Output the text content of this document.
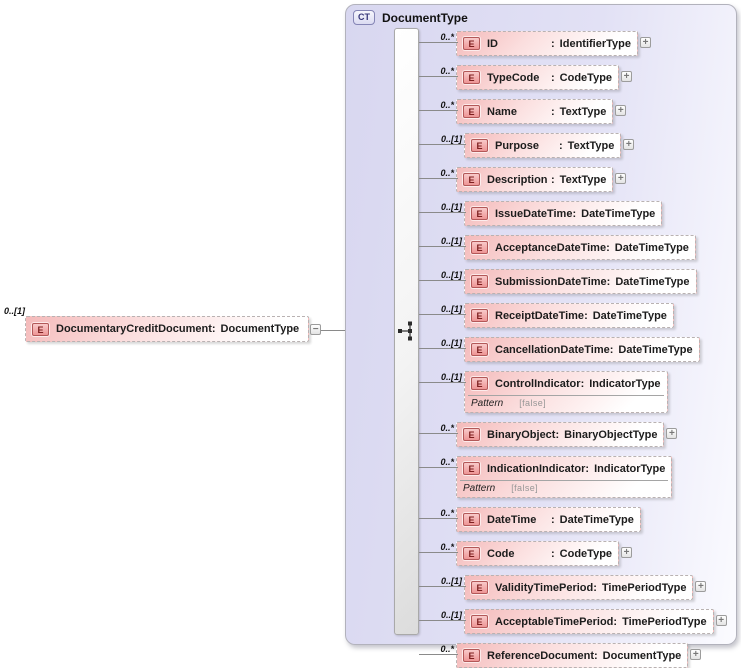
0..[1]
E	DocumentaryCreditDocument : DocumentType −
CT	DocumentType
0..*
E	ID	: IdentifierType +
0..*
E	TypeCode	: CodeType +
0..*
E	Name	: TextType +
0..[1]
E	Purpose	: TextType +
0..*
E	Description : TextType +
0..[1]
E	IssueDateTime : DateTimeType
0..[1]
E	AcceptanceDateTime : DateTimeType
0..[1]
E	SubmissionDateTime : DateTimeType
0..[1]
E	ReceiptDateTime : DateTimeType
0..[1]
E	CancellationDateTime : DateTimeType
0..[1]
E	ControlIndicator : IndicatorType
Pattern [false]
0..*
E	BinaryObject : BinaryObjectType +
0..*
E	IndicationIndicator : IndicatorType
Pattern [false]
0..*
E	DateTime	: DateTimeType
0..*
E	Code	: CodeType +
0..[1]
E	ValidityTimePeriod : TimePeriodType +
0..[1]
E	AcceptableTimePeriod : TimePeriodType +
0..*
E	ReferenceDocument : DocumentType +
